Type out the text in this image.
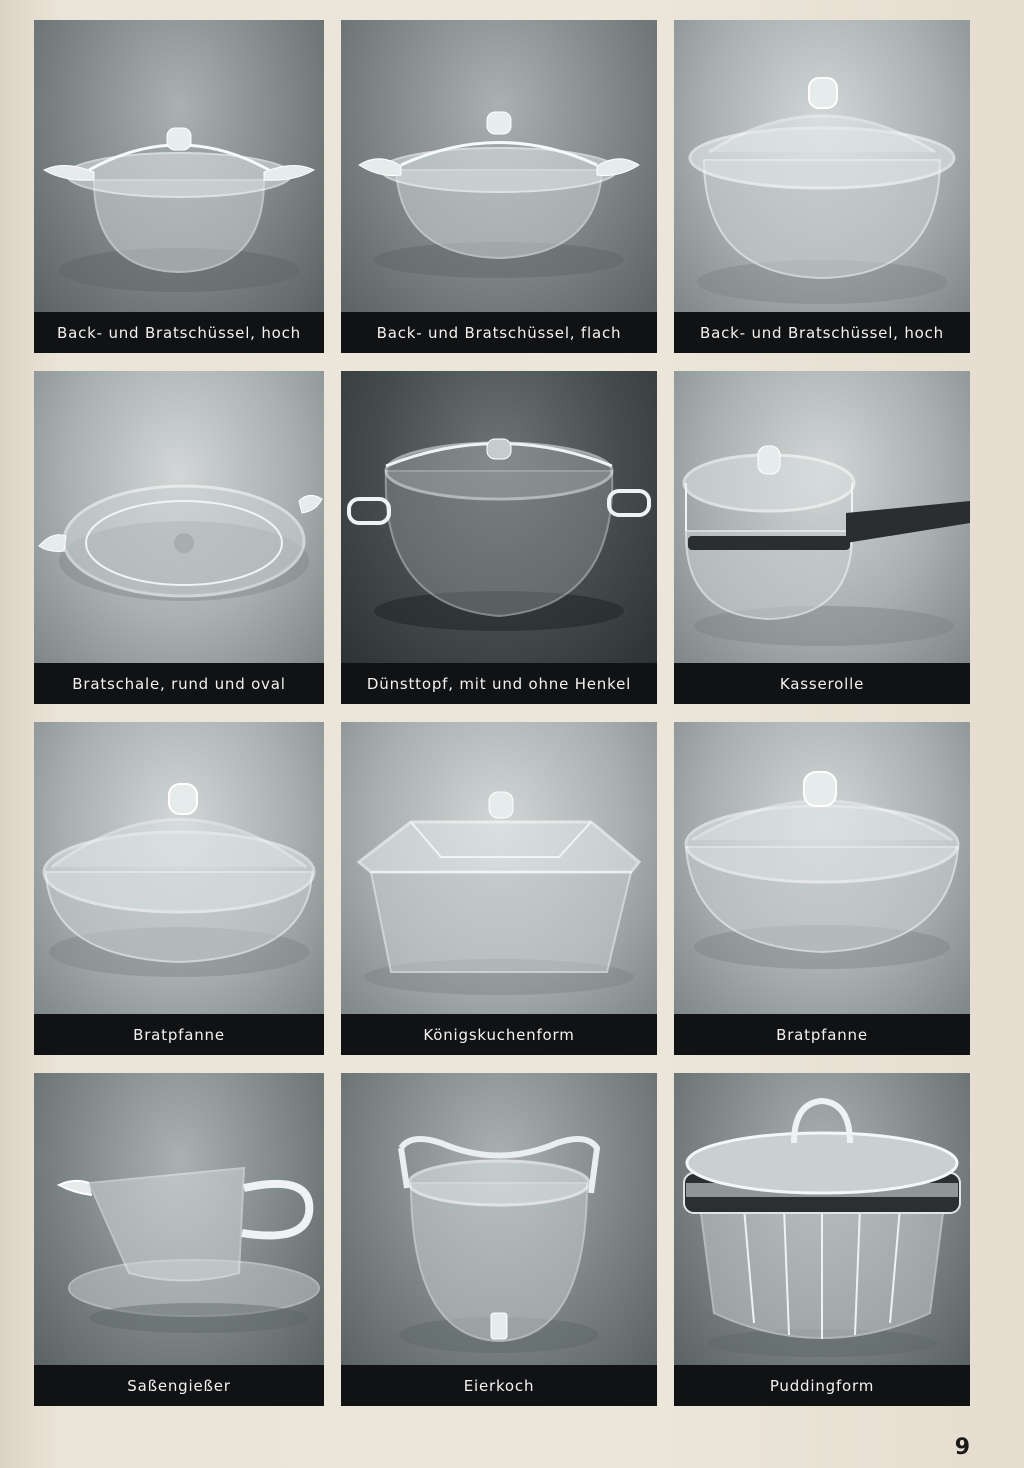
Back- und Bratschüssel, hoch	Back- und Bratschüssel, flach	Back- und Bratschüssel, hoch
Bratschale, rund und oval	Dünsttopf, mit und ohne Henkel	Kasserolle
Bratpfanne	Königskuchenform	Bratpfanne
Saßengießer	Eierkoch	Puddingform
9
